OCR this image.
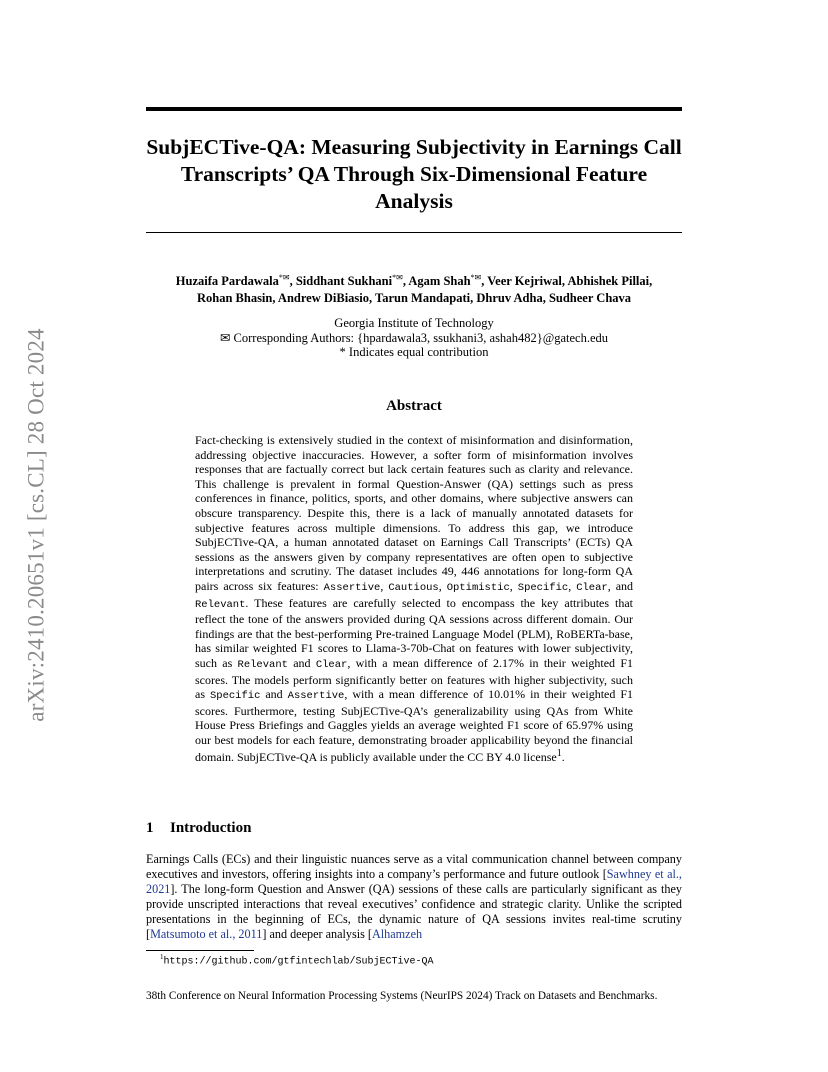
arXiv:2410.20651v1 [cs.CL] 28 Oct 2024
SubjECTive-QA: Measuring Subjectivity in Earnings Call Transcripts’ QA Through Six-Dimensional Feature Analysis
Huzaifa Pardawala*✉, Siddhant Sukhani*✉, Agam Shah*✉, Veer Kejriwal, Abhishek Pillai,
Rohan Bhasin, Andrew DiBiasio, Tarun Mandapati, Dhruv Adha, Sudheer Chava
Georgia Institute of Technology
✉ Corresponding Authors: {hpardawala3, ssukhani3, ashah482}@gatech.edu
* Indicates equal contribution
Abstract

Fact-checking is extensively studied in the context of misinformation and disinformation, addressing objective inaccuracies. However, a softer form of misinformation involves responses that are factually correct but lack certain features such as clarity and relevance. This challenge is prevalent in formal Question-Answer (QA) settings such as press conferences in finance, politics, sports, and other domains, where subjective answers can obscure transparency. Despite this, there is a lack of manually annotated datasets for subjective features across multiple dimensions. To address this gap, we introduce SubjECTive-QA, a human annotated dataset on Earnings Call Transcripts’ (ECTs) QA sessions as the answers given by company representatives are often open to subjective interpretations and scrutiny. The dataset includes 49, 446 annotations for long-form QA pairs across six features: Assertive, Cautious, Optimistic, Specific, Clear, and Relevant. These features are carefully selected to encompass the key attributes that reflect the tone of the answers provided during QA sessions across different domain. Our findings are that the best-performing Pre-trained Language Model (PLM), RoBERTa-base, has similar weighted F1 scores to Llama-3-70b-Chat on features with lower subjectivity, such as Relevant and Clear, with a mean difference of 2.17% in their weighted F1 scores. The models perform significantly better on features with higher subjectivity, such as Specific and Assertive, with a mean difference of 10.01% in their weighted F1 scores. Furthermore, testing SubjECTive-QA’s generalizability using QAs from White House Press Briefings and Gaggles yields an average weighted F1 score of 65.97% using our best models for each feature, demonstrating broader applicability beyond the financial domain. SubjECTive-QA is publicly available under the CC BY 4.0 license$^1$.

1 Introduction

Earnings Calls (ECs) and their linguistic nuances serve as a vital communication channel between company executives and investors, offering insights into a company’s performance and future outlook [Sawhney et al., 2021]. The long-form Question and Answer (QA) sessions of these calls are particularly significant as they provide unscripted interactions that reveal executives’ confidence and strategic clarity. Unlike the scripted presentations in the beginning of ECs, the dynamic nature of QA sessions invites real-time scrutiny [Matsumoto et al., 2011] and deeper analysis [Alhamzeh

$^1$https://github.com/gtfintechlab/SubjECTive-QA
38th Conference on Neural Information Processing Systems (NeurIPS 2024) Track on Datasets and Benchmarks.
